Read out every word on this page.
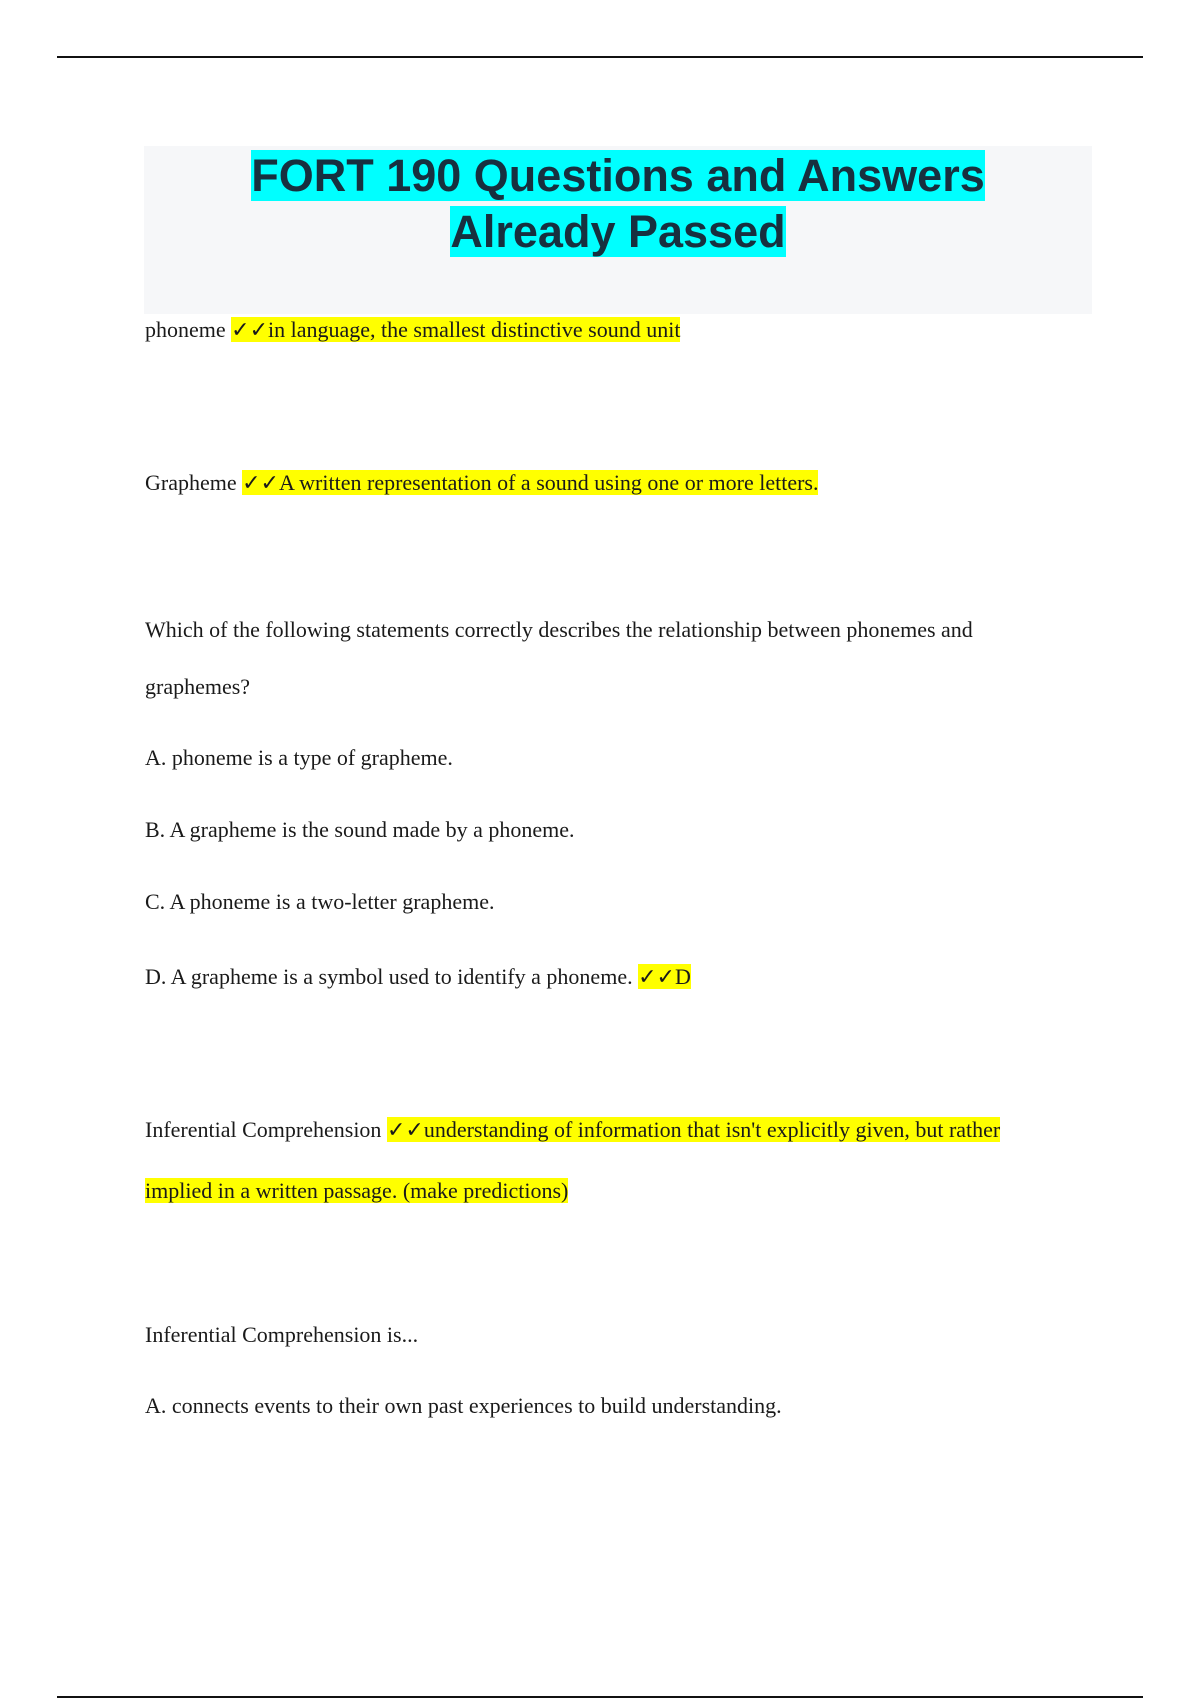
FORT 190 Questions and Answers
Already Passed

phoneme ✓✓in language, the smallest distinctive sound unit

Grapheme ✓✓A written representation of a sound using one or more letters.

Which of the following statements correctly describes the relationship between phonemes and

graphemes?

A. phoneme is a type of grapheme.

B. A grapheme is the sound made by a phoneme.

C. A phoneme is a two-letter grapheme.

D. A grapheme is a symbol used to identify a phoneme. ✓✓D

Inferential Comprehension ✓✓understanding of information that isn't explicitly given, but rather

implied in a written passage. (make predictions)

Inferential Comprehension is...

A. connects events to their own past experiences to build understanding.
